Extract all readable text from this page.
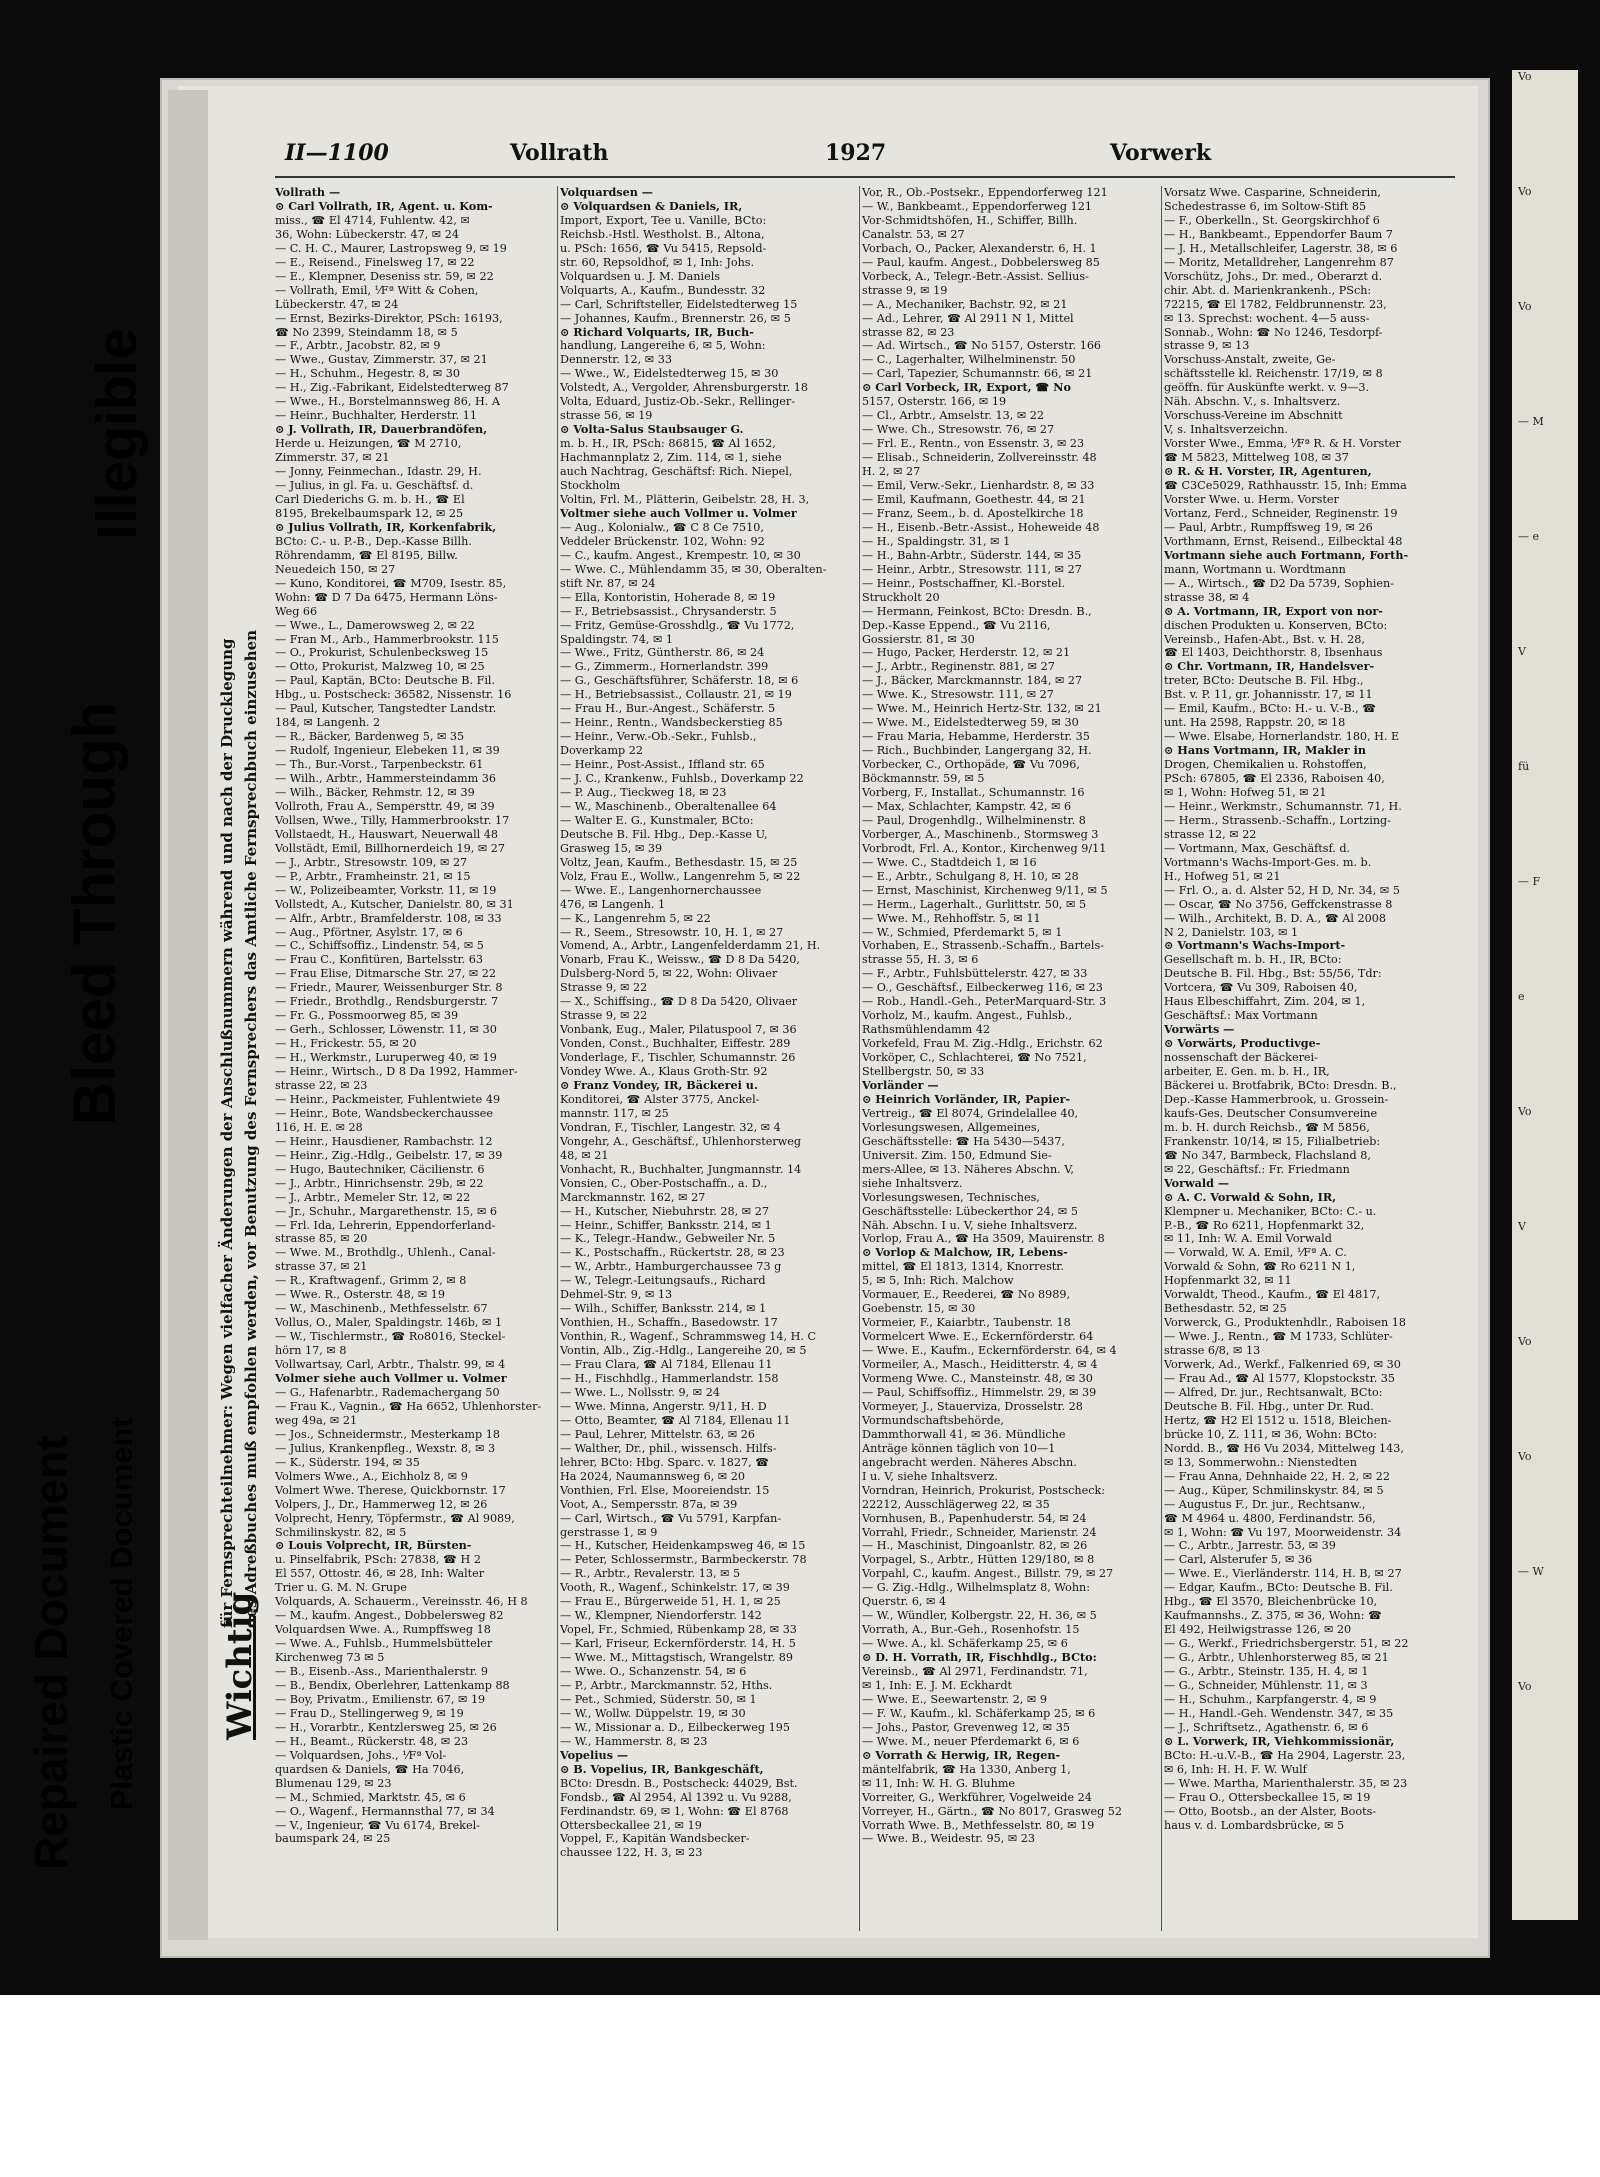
Vo
Vo
Vo
— M
— e
V
fü
— F
e
Vo
V
Vo
Vo
— W
Vo
Repaired Document Plastic Covered Document
Bleed Through
Illegible
II—1100	Vollrath	1927	Vorwerk
Wichtig
für Fernsprechteilnehmer: Wegen vielfacher Änderungen der Anschlußnummern während und nach der Drucklegung des Adreßbuches muß empfohlen werden, vor Benutzung des Fernsprechers das Amtliche Fernsprechbuch einzusehen
Vollrath —
⊙ Carl Vollrath, IR, Agent. u. Kom-
miss., ☎ El 4714, Fuhlentw. 42, ✉
36, Wohn: Lübeckerstr. 47, ✉ 24
— C. H. C., Maurer, Lastropsweg 9, ✉ 19
— E., Reisend., Finelsweg 17, ✉ 22
— E., Klempner, Deseniss str. 59, ✉ 22
— Vollrath, Emil, ⅟Fª Witt & Cohen,
Lübeckerstr. 47, ✉ 24
— Ernst, Bezirks-Direktor, PSch: 16193,
☎ No 2399, Steindamm 18, ✉ 5
— F., Arbtr., Jacobstr. 82, ✉ 9
— Wwe., Gustav, Zimmerstr. 37, ✉ 21
— H., Schuhm., Hegestr. 8, ✉ 30
— H., Zig.-Fabrikant, Eidelstedterweg 87
— Wwe., H., Borstelmannsweg 86, H. A
— Heinr., Buchhalter, Herderstr. 11
⊙ J. Vollrath, IR, Dauerbrandöfen,
Herde u. Heizungen, ☎ M 2710,
Zimmerstr. 37, ✉ 21
— Jonny, Feinmechan., Idastr. 29, H.
— Julius, in gl. Fa. u. Geschäftsf. d.
Carl Diederichs G. m. b. H., ☎ El
8195, Brekelbaumspark 12, ✉ 25
⊙ Julius Vollrath, IR, Korkenfabrik,
BCto: C.- u. P.-B., Dep.-Kasse Billh.
Röhrendamm, ☎ El 8195, Billw.
Neuedeich 150, ✉ 27
— Kuno, Konditorei, ☎ M709, Isestr. 85,
Wohn: ☎ D 7 Da 6475, Hermann Löns-
Weg 66
— Wwe., L., Damerowsweg 2, ✉ 22
— Fran M., Arb., Hammerbrookstr. 115
— O., Prokurist, Schulenbecksweg 15
— Otto, Prokurist, Malzweg 10, ✉ 25
— Paul, Kaptän, BCto: Deutsche B. Fil.
Hbg., u. Postscheck: 36582, Nissenstr. 16
— Paul, Kutscher, Tangstedter Landstr.
184, ✉ Langenh. 2
— R., Bäcker, Bardenweg 5, ✉ 35
— Rudolf, Ingenieur, Elebeken 11, ✉ 39
— Th., Bur.-Vorst., Tarpenbeckstr. 61
— Wilh., Arbtr., Hammersteindamm 36
— Wilh., Bäcker, Rehmstr. 12, ✉ 39
Vollroth, Frau A., Sempersttr. 49, ✉ 39
Vollsen, Wwe., Tilly, Hammerbrookstr. 17
Vollstaedt, H., Hauswart, Neuerwall 48
Vollstädt, Emil, Billhornerdeich 19, ✉ 27
— J., Arbtr., Stresowstr. 109, ✉ 27
— P., Arbtr., Framheinstr. 21, ✉ 15
— W., Polizeibeamter, Vorkstr. 11, ✉ 19
Vollstedt, A., Kutscher, Danielstr. 80, ✉ 31
— Alfr., Arbtr., Bramfelderstr. 108, ✉ 33
— Aug., Pförtner, Asylstr. 17, ✉ 6
— C., Schiffsoffiz., Lindenstr. 54, ✉ 5
— Frau C., Konfitüren, Bartelsstr. 63
— Frau Elise, Ditmarsche Str. 27, ✉ 22
— Friedr., Maurer, Weissenburger Str. 8
— Friedr., Brothdlg., Rendsburgerstr. 7
— Fr. G., Possmoorweg 85, ✉ 39
— Gerh., Schlosser, Löwenstr. 11, ✉ 30
— H., Frickestr. 55, ✉ 20
— H., Werkmstr., Luruperweg 40, ✉ 19
— Heinr., Wirtsch., D 8 Da 1992, Hammer-
strasse 22, ✉ 23
— Heinr., Packmeister, Fuhlentwiete 49
— Heinr., Bote, Wandsbeckerchaussee
116, H. E. ✉ 28
— Heinr., Hausdiener, Rambachstr. 12
— Heinr., Zig.-Hdlg., Geibelstr. 17, ✉ 39
— Hugo, Bautechniker, Cäcilienstr. 6
— J., Arbtr., Hinrichsenstr. 29b, ✉ 22
— J., Arbtr., Memeler Str. 12, ✉ 22
— Jr., Schuhr., Margarethenstr. 15, ✉ 6
— Frl. Ida, Lehrerin, Eppendorferland-
strasse 85, ✉ 20
— Wwe. M., Brothdlg., Uhlenh., Canal-
strasse 37, ✉ 21
— R., Kraftwagenf., Grimm 2, ✉ 8
— Wwe. R., Osterstr. 48, ✉ 19
— W., Maschinenb., Methfesselstr. 67
Vollus, O., Maler, Spaldingstr. 146b, ✉ 1
— W., Tischlermstr., ☎ Ro8016, Steckel-
hörn 17, ✉ 8
Vollwartsay, Carl, Arbtr., Thalstr. 99, ✉ 4
Volmer siehe auch Vollmer u. Volmer
— G., Hafenarbtr., Rademachergang 50
— Frau K., Vagnin., ☎ Ha 6652, Uhlenhorster-
weg 49a, ✉ 21
— Jos., Schneidermstr., Mesterkamp 18
— Julius, Krankenpfleg., Wexstr. 8, ✉ 3
— K., Süderstr. 194, ✉ 35
Volmers Wwe., A., Eichholz 8, ✉ 9
Volmert Wwe. Therese, Quickbornstr. 17
Volpers, J., Dr., Hammerweg 12, ✉ 26
Volprecht, Henry, Töpfermstr., ☎ Al 9089,
Schmilinskystr. 82, ✉ 5
⊙ Louis Volprecht, IR, Bürsten-
u. Pinselfabrik, PSch: 27838, ☎ H 2
El 557, Ottostr. 46, ✉ 28, Inh: Walter
Trier u. G. M. N. Grupe
Volquards, A. Schauerm., Vereinsstr. 46, H 8
— M., kaufm. Angest., Dobbelersweg 82
Volquardsen Wwe. A., Rumpffsweg 18
— Wwe. A., Fuhlsb., Hummelsbütteler
Kirchenweg 73 ✉ 5
— B., Eisenb.-Ass., Marienthalerstr. 9
— B., Bendix, Oberlehrer, Lattenkamp 88
— Boy, Privatm., Emilienstr. 67, ✉ 19
— Frau D., Stellingerweg 9, ✉ 19
— H., Vorarbtr., Kentzlersweg 25, ✉ 26
— H., Beamt., Rückerstr. 48, ✉ 23
— Volquardsen, Johs., ⅟Fª Vol-
quardsen & Daniels, ☎ Ha 7046,
Blumenau 129, ✉ 23
— M., Schmied, Marktstr. 45, ✉ 6
— O., Wagenf., Hermannsthal 77, ✉ 34
— V., Ingenieur, ☎ Vu 6174, Brekel-
baumspark 24, ✉ 25
Volquardsen —
⊙ Volquardsen & Daniels, IR,
Import, Export, Tee u. Vanille, BCto:
Reichsb.-Hstl. Westholst. B., Altona,
u. PSch: 1656, ☎ Vu 5415, Repsold-
str. 60, Repsoldhof, ✉ 1, Inh: Johs.
Volquardsen u. J. M. Daniels
Volquarts, A., Kaufm., Bundesstr. 32
— Carl, Schriftsteller, Eidelstedterweg 15
— Johannes, Kaufm., Brennerstr. 26, ✉ 5
⊙ Richard Volquarts, IR, Buch-
handlung, Langereihe 6, ✉ 5, Wohn:
Dennerstr. 12, ✉ 33
— Wwe., W., Eidelstedterweg 15, ✉ 30
Volstedt, A., Vergolder, Ahrensburgerstr. 18
Volta, Eduard, Justiz-Ob.-Sekr., Rellinger-
strasse 56, ✉ 19
⊙ Volta-Salus Staubsauger G.
m. b. H., IR, PSch: 86815, ☎ Al 1652,
Hachmannplatz 2, Zim. 114, ✉ 1, siehe
auch Nachtrag, Geschäftsf: Rich. Niepel,
Stockholm
Voltin, Frl. M., Plätterin, Geibelstr. 28, H. 3,
Voltmer siehe auch Vollmer u. Volmer
— Aug., Kolonialw., ☎ C 8 Ce 7510,
Veddeler Brückenstr. 102, Wohn: 92
— C., kaufm. Angest., Krempestr. 10, ✉ 30
— Wwe. C., Mühlendamm 35, ✉ 30, Oberalten-
stift Nr. 87, ✉ 24
— Ella, Kontoristin, Hoherade 8, ✉ 19
— F., Betriebsassist., Chrysanderstr. 5
— Fritz, Gemüse-Grosshdlg., ☎ Vu 1772,
Spaldingstr. 74, ✉ 1
— Wwe., Fritz, Güntherstr. 86, ✉ 24
— G., Zimmerm., Hornerlandstr. 399
— G., Geschäftsführer, Schäferstr. 18, ✉ 6
— H., Betriebsassist., Collaustr. 21, ✉ 19
— Frau H., Bur.-Angest., Schäferstr. 5
— Heinr., Rentn., Wandsbeckerstieg 85
— Heinr., Verw.-Ob.-Sekr., Fuhlsb.,
Doverkamp 22
— Heinr., Post-Assist., Iffland str. 65
— J. C., Krankenw., Fuhlsb., Doverkamp 22
— P. Aug., Tieckweg 18, ✉ 23
— W., Maschinenb., Oberaltenallee 64
— Walter E. G., Kunstmaler, BCto:
Deutsche B. Fil. Hbg., Dep.-Kasse U,
Grasweg 15, ✉ 39
Voltz, Jean, Kaufm., Bethesdastr. 15, ✉ 25
Volz, Frau E., Wollw., Langenrehm 5, ✉ 22
— Wwe. E., Langenhornerchaussee
476, ✉ Langenh. 1
— K., Langenrehm 5, ✉ 22
— R., Seem., Stresowstr. 10, H. 1, ✉ 27
Vomend, A., Arbtr., Langenfelderdamm 21, H.
Vonarb, Frau K., Weissw., ☎ D 8 Da 5420,
Dulsberg-Nord 5, ✉ 22, Wohn: Olivaer
Strasse 9, ✉ 22
— X., Schiffsing., ☎ D 8 Da 5420, Olivaer
Strasse 9, ✉ 22
Vonbank, Eug., Maler, Pilatuspool 7, ✉ 36
Vonden, Const., Buchhalter, Eiffestr. 289
Vonderlage, F., Tischler, Schumannstr. 26
Vondey Wwe. A., Klaus Groth-Str. 92
⊙ Franz Vondey, IR, Bäckerei u.
Konditorei, ☎ Alster 3775, Anckel-
mannstr. 117, ✉ 25
Vondran, F., Tischler, Langestr. 32, ✉ 4
Vongehr, A., Geschäftsf., Uhlenhorsterweg
48, ✉ 21
Vonhacht, R., Buchhalter, Jungmannstr. 14
Vonsien, C., Ober-Postschaffn., a. D.,
Marckmannstr. 162, ✉ 27
— H., Kutscher, Niebuhrstr. 28, ✉ 27
— Heinr., Schiffer, Banksstr. 214, ✉ 1
— K., Telegr.-Handw., Gebweiler Nr. 5
— K., Postschaffn., Rückertstr. 28, ✉ 23
— W., Arbtr., Hamburgerchaussee 73 g
— W., Telegr.-Leitungsaufs., Richard
Dehmel-Str. 9, ✉ 13
— Wilh., Schiffer, Banksstr. 214, ✉ 1
Vonthien, H., Schaffn., Basedowstr. 17
Vonthin, R., Wagenf., Schrammsweg 14, H. C
Vontin, Alb., Zig.-Hdlg., Langereihe 20, ✉ 5
— Frau Clara, ☎ Al 7184, Ellenau 11
— H., Fischhdlg., Hammerlandstr. 158
— Wwe. L., Nollsstr. 9, ✉ 24
— Wwe. Minna, Angerstr. 9/11, H. D
— Otto, Beamter, ☎ Al 7184, Ellenau 11
— Paul, Lehrer, Mittelstr. 63, ✉ 26
— Walther, Dr., phil., wissensch. Hilfs-
lehrer, BCto: Hbg. Sparc. v. 1827, ☎
Ha 2024, Naumannsweg 6, ✉ 20
Vonthien, Frl. Else, Mooreiendstr. 15
Voot, A., Sempersstr. 87a, ✉ 39
— Carl, Wirtsch., ☎ Vu 5791, Karpfan-
gerstrasse 1, ✉ 9
— H., Kutscher, Heidenkampsweg 46, ✉ 15
— Peter, Schlossermstr., Barmbeckerstr. 78
— R., Arbtr., Revalerstr. 13, ✉ 5
Vooth, R., Wagenf., Schinkelstr. 17, ✉ 39
— Frau E., Bürgerweide 51, H. 1, ✉ 25
— W., Klempner, Niendorferstr. 142
Vopel, Fr., Schmied, Rübenkamp 28, ✉ 33
— Karl, Friseur, Eckernförderstr. 14, H. 5
— Wwe. M., Mittagstisch, Wrangelstr. 89
— Wwe. O., Schanzenstr. 54, ✉ 6
— P., Arbtr., Marckmannstr. 52, Hths.
— Pet., Schmied, Süderstr. 50, ✉ 1
— W., Wollw. Düppelstr. 19, ✉ 30
— W., Missionar a. D., Eilbeckerweg 195
— W., Hammerstr. 8, ✉ 23
Vopelius —
⊙ B. Vopelius, IR, Bankgeschäft,
BCto: Dresdn. B., Postscheck: 44029, Bst.
Fondsb., ☎ Al 2954, Al 1392 u. Vu 9288,
Ferdinandstr. 69, ✉ 1, Wohn: ☎ El 8768
Ottersbeckallee 21, ✉ 19
Voppel, F., Kapitän Wandsbecker-
chaussee 122, H. 3, ✉ 23
Vor, R., Ob.-Postsekr., Eppendorferweg 121
— W., Bankbeamt., Eppendorferweg 121
Vor-Schmidtshöfen, H., Schiffer, Billh.
Canalstr. 53, ✉ 27
Vorbach, O., Packer, Alexanderstr. 6, H. 1
— Paul, kaufm. Angest., Dobbelersweg 85
Vorbeck, A., Telegr.-Betr.-Assist. Sellius-
strasse 9, ✉ 19
— A., Mechaniker, Bachstr. 92, ✉ 21
— Ad., Lehrer, ☎ Al 2911 N 1, Mittel
strasse 82, ✉ 23
— Ad. Wirtsch., ☎ No 5157, Osterstr. 166
— C., Lagerhalter, Wilhelminenstr. 50
— Carl, Tapezier, Schumannstr. 66, ✉ 21
⊙ Carl Vorbeck, IR, Export, ☎ No
5157, Osterstr. 166, ✉ 19
— Cl., Arbtr., Amselstr. 13, ✉ 22
— Wwe. Ch., Stresowstr. 76, ✉ 27
— Frl. E., Rentn., von Essenstr. 3, ✉ 23
— Elisab., Schneiderin, Zollvereinsstr. 48
H. 2, ✉ 27
— Emil, Verw.-Sekr., Lienhardstr. 8, ✉ 33
— Emil, Kaufmann, Goethestr. 44, ✉ 21
— Franz, Seem., b. d. Apostelkirche 18
— H., Eisenb.-Betr.-Assist., Hoheweide 48
— H., Spaldingstr. 31, ✉ 1
— H., Bahn-Arbtr., Süderstr. 144, ✉ 35
— Heinr., Arbtr., Stresowstr. 111, ✉ 27
— Heinr., Postschaffner, Kl.-Borstel.
Struckholt 20
— Hermann, Feinkost, BCto: Dresdn. B.,
Dep.-Kasse Eppend., ☎ Vu 2116,
Gossierstr. 81, ✉ 30
— Hugo, Packer, Herderstr. 12, ✉ 21
— J., Arbtr., Reginenstr. 881, ✉ 27
— J., Bäcker, Marckmannstr. 184, ✉ 27
— Wwe. K., Stresowstr. 111, ✉ 27
— Wwe. M., Heinrich Hertz-Str. 132, ✉ 21
— Wwe. M., Eidelstedterweg 59, ✉ 30
— Frau Maria, Hebamme, Herderstr. 35
— Rich., Buchbinder, Langergang 32, H.
Vorbecker, C., Orthopäde, ☎ Vu 7096,
Böckmannstr. 59, ✉ 5
Vorberg, F., Installat., Schumannstr. 16
— Max, Schlachter, Kampstr. 42, ✉ 6
— Paul, Drogenhdlg., Wilhelminenstr. 8
Vorberger, A., Maschinenb., Stormsweg 3
Vorbrodt, Frl. A., Kontor., Kirchenweg 9/11
— Wwe. C., Stadtdeich 1, ✉ 16
— E., Arbtr., Schulgang 8, H. 10, ✉ 28
— Ernst, Maschinist, Kirchenweg 9/11, ✉ 5
— Herm., Lagerhalt., Gurlittstr. 50, ✉ 5
— Wwe. M., Rehhoffstr. 5, ✉ 11
— W., Schmied, Pferdemarkt 5, ✉ 1
Vorhaben, E., Strassenb.-Schaffn., Bartels-
strasse 55, H. 3, ✉ 6
— F., Arbtr., Fuhlsbüttelerstr. 427, ✉ 33
— O., Geschäftsf., Eilbeckerweg 116, ✉ 23
— Rob., Handl.-Geh., PeterMarquard-Str. 3
Vorholz, M., kaufm. Angest., Fuhlsb.,
Rathsmühlendamm 42
Vorkefeld, Frau M. Zig.-Hdlg., Erichstr. 62
Vorköper, C., Schlachterei, ☎ No 7521,
Stellbergstr. 50, ✉ 33
Vorländer —
⊙ Heinrich Vorländer, IR, Papier-
Vertreig., ☎ El 8074, Grindelallee 40,
Vorlesungswesen, Allgemeines,
Geschäftsstelle: ☎ Ha 5430—5437,
Universit. Zim. 150, Edmund Sie-
mers-Allee, ✉ 13. Näheres Abschn. V,
siehe Inhaltsverz.
Vorlesungswesen, Technisches,
Geschäftsstelle: Lübeckerthor 24, ✉ 5
Näh. Abschn. I u. V, siehe Inhaltsverz.
Vorlop, Frau A., ☎ Ha 3509, Mauirenstr. 8
⊙ Vorlop & Malchow, IR, Lebens-
mittel, ☎ El 1813, 1314, Knorrestr.
5, ✉ 5, Inh: Rich. Malchow
Vormauer, E., Reederei, ☎ No 8989,
Goebenstr. 15, ✉ 30
Vormeier, F., Kaiarbtr., Taubenstr. 18
Vormelcert Wwe. E., Eckernförderstr. 64
— Wwe. E., Kaufm., Eckernförderstr. 64, ✉ 4
Vormeiler, A., Masch., Heiditterstr. 4, ✉ 4
Vormeng Wwe. C., Mansteinstr. 48, ✉ 30
— Paul, Schiffsoffiz., Himmelstr. 29, ✉ 39
Vormeyer, J., Stauerviza, Drosselstr. 28
Vormundschaftsbehörde,
Dammthorwall 41, ✉ 36. Mündliche
Anträge können täglich von 10—1
angebracht werden. Näheres Abschn.
I u. V, siehe Inhaltsverz.
Vorndran, Heinrich, Prokurist, Postscheck:
22212, Ausschlägerweg 22, ✉ 35
Vornhusen, B., Papenhuderstr. 54, ✉ 24
Vorrahl, Friedr., Schneider, Marienstr. 24
— H., Maschinist, Dingoanlstr. 82, ✉ 26
Vorpagel, S., Arbtr., Hütten 129/180, ✉ 8
Vorpahl, C., kaufm. Angest., Billstr. 79, ✉ 27
— G. Zig.-Hdlg., Wilhelmsplatz 8, Wohn:
Querstr. 6, ✉ 4
— W., Wündler, Kolbergstr. 22, H. 36, ✉ 5
Vorrath, A., Bur.-Geh., Rosenhofstr. 15
— Wwe. A., kl. Schäferkamp 25, ✉ 6
⊙ D. H. Vorrath, IR, Fischhdlg., BCto:
Vereinsb., ☎ Al 2971, Ferdinandstr. 71,
✉ 1, Inh: E. J. M. Eckhardt
— Wwe. E., Seewartenstr. 2, ✉ 9
— F. W., Kaufm., kl. Schäferkamp 25, ✉ 6
— Johs., Pastor, Grevenweg 12, ✉ 35
— Wwe. M., neuer Pferdemarkt 6, ✉ 6
⊙ Vorrath & Herwig, IR, Regen-
mäntelfabrik, ☎ Ha 1330, Anberg 1,
✉ 11, Inh: W. H. G. Bluhme
Vorreiter, G., Werkführer, Vogelweide 24
Vorreyer, H., Gärtn., ☎ No 8017, Grasweg 52
Vorrath Wwe. B., Methfesselstr. 80, ✉ 19
— Wwe. B., Weidestr. 95, ✉ 23
Vorsatz Wwe. Casparine, Schneiderin,
Schedestrasse 6, im Soltow-Stift 85
— F., Oberkelln., St. Georgskirchhof 6
— H., Bankbeamt., Eppendorfer Baum 7
— J. H., Metallschleifer, Lagerstr. 38, ✉ 6
— Moritz, Metalldreher, Langenrehm 87
Vorschütz, Johs., Dr. med., Oberarzt d.
chir. Abt. d. Marienkrankenh., PSch:
72215, ☎ El 1782, Feldbrunnenstr. 23,
✉ 13. Sprechst: wochent. 4—5 auss-
Sonnab., Wohn: ☎ No 1246, Tesdorpf-
strasse 9, ✉ 13
Vorschuss-Anstalt, zweite, Ge-
schäftsstelle kl. Reichenstr. 17/19, ✉ 8
geöffn. für Auskünfte werkt. v. 9—3.
Näh. Abschn. V., s. Inhaltsverz.
Vorschuss-Vereine im Abschnitt
V, s. Inhaltsverzeichn.
Vorster Wwe., Emma, ⅟Fª R. & H. Vorster
☎ M 5823, Mittelweg 108, ✉ 37
⊙ R. & H. Vorster, IR, Agenturen,
☎ C3Ce5029, Rathhausstr. 15, Inh: Emma
Vorster Wwe. u. Herm. Vorster
Vortanz, Ferd., Schneider, Reginenstr. 19
— Paul, Arbtr., Rumpffsweg 19, ✉ 26
Vorthmann, Ernst, Reisend., Eilbecktal 48
Vortmann siehe auch Fortmann, Forth-
mann, Wortmann u. Wordtmann
— A., Wirtsch., ☎ D2 Da 5739, Sophien-
strasse 38, ✉ 4
⊙ A. Vortmann, IR, Export von nor-
dischen Produkten u. Konserven, BCto:
Vereinsb., Hafen-Abt., Bst. v. H. 28,
☎ El 1403, Deichthorstr. 8, Ibsenhaus
⊙ Chr. Vortmann, IR, Handelsver-
treter, BCto: Deutsche B. Fil. Hbg.,
Bst. v. P. 11, gr. Johannisstr. 17, ✉ 11
— Emil, Kaufm., BCto: H.- u. V.-B., ☎
unt. Ha 2598, Rappstr. 20, ✉ 18
— Wwe. Elsabe, Hornerlandstr. 180, H. E
⊙ Hans Vortmann, IR, Makler in
Drogen, Chemikalien u. Rohstoffen,
PSch: 67805, ☎ El 2336, Raboisen 40,
✉ 1, Wohn: Hofweg 51, ✉ 21
— Heinr., Werkmstr., Schumannstr. 71, H.
— Herm., Strassenb.-Schaffn., Lortzing-
strasse 12, ✉ 22
— Vortmann, Max, Geschäftsf. d.
Vortmann's Wachs-Import-Ges. m. b.
H., Hofweg 51, ✉ 21
— Frl. O., a. d. Alster 52, H D, Nr. 34, ✉ 5
— Oscar, ☎ No 3756, Geffckenstrasse 8
— Wilh., Architekt, B. D. A., ☎ Al 2008
N 2, Danielstr. 103, ✉ 1
⊙ Vortmann's Wachs-Import-
Gesellschaft m. b. H., IR, BCto:
Deutsche B. Fil. Hbg., Bst: 55/56, Tdr:
Vortcera, ☎ Vu 309, Raboisen 40,
Haus Elbeschiffahrt, Zim. 204, ✉ 1,
Geschäftsf.: Max Vortmann
Vorwärts —
⊙ Vorwärts, Productivge-
nossenschaft der Bäckerei-
arbeiter, E. Gen. m. b. H., IR,
Bäckerei u. Brotfabrik, BCto: Dresdn. B.,
Dep.-Kasse Hammerbrook, u. Grossein-
kaufs-Ges. Deutscher Consumvereine
m. b. H. durch Reichsb., ☎ M 5856,
Frankenstr. 10/14, ✉ 15, Filialbetrieb:
☎ No 347, Barmbeck, Flachsland 8,
✉ 22, Geschäftsf.: Fr. Friedmann
Vorwald —
⊙ A. C. Vorwald & Sohn, IR,
Klempner u. Mechaniker, BCto: C.- u.
P.-B., ☎ Ro 6211, Hopfenmarkt 32,
✉ 11, Inh: W. A. Emil Vorwald
— Vorwald, W. A. Emil, ⅟Fª A. C.
Vorwald & Sohn, ☎ Ro 6211 N 1,
Hopfenmarkt 32, ✉ 11
Vorwaldt, Theod., Kaufm., ☎ El 4817,
Bethesdastr. 52, ✉ 25
Vorwerck, G., Produktenhdlr., Raboisen 18
— Wwe. J., Rentn., ☎ M 1733, Schlüter-
strasse 6/8, ✉ 13
Vorwerk, Ad., Werkf., Falkenried 69, ✉ 30
— Frau Ad., ☎ Al 1577, Klopstockstr. 35
— Alfred, Dr. jur., Rechtsanwalt, BCto:
Deutsche B. Fil. Hbg., unter Dr. Rud.
Hertz, ☎ H2 El 1512 u. 1518, Bleichen-
brücke 10, Z. 111, ✉ 36, Wohn: BCto:
Nordd. B., ☎ H6 Vu 2034, Mittelweg 143,
✉ 13, Sommerwohn.: Nienstedten
— Frau Anna, Dehnhaide 22, H. 2, ✉ 22
— Aug., Küper, Schmilinskystr. 84, ✉ 5
— Augustus F., Dr. jur., Rechtsanw.,
☎ M 4964 u. 4800, Ferdinandstr. 56,
✉ 1, Wohn: ☎ Vu 197, Moorweidenstr. 34
— C., Arbtr., Jarrestr. 53, ✉ 39
— Carl, Alsterufer 5, ✉ 36
— Wwe. E., Vierländerstr. 114, H. B, ✉ 27
— Edgar, Kaufm., BCto: Deutsche B. Fil.
Hbg., ☎ El 3570, Bleichenbrücke 10,
Kaufmannshs., Z. 375, ✉ 36, Wohn: ☎
El 492, Heilwigstrasse 126, ✉ 20
— G., Werkf., Friedrichsbergerstr. 51, ✉ 22
— G., Arbtr., Uhlenhorsterweg 85, ✉ 21
— G., Arbtr., Steinstr. 135, H. 4, ✉ 1
— G., Schneider, Mühlenstr. 11, ✉ 3
— H., Schuhm., Karpfangerstr. 4, ✉ 9
— H., Handl.-Geh. Wendenstr. 347, ✉ 35
— J., Schriftsetz., Agathenstr. 6, ✉ 6
⊙ L. Vorwerk, IR, Viehkommissionär,
BCto: H.-u.V.-B., ☎ Ha 2904, Lagerstr. 23,
✉ 6, Inh: H. H. F. W. Wulf
— Wwe. Martha, Marienthalerstr. 35, ✉ 23
— Frau O., Ottersbeckallee 15, ✉ 19
— Otto, Bootsb., an der Alster, Boots-
haus v. d. Lombardsbrücke, ✉ 5
